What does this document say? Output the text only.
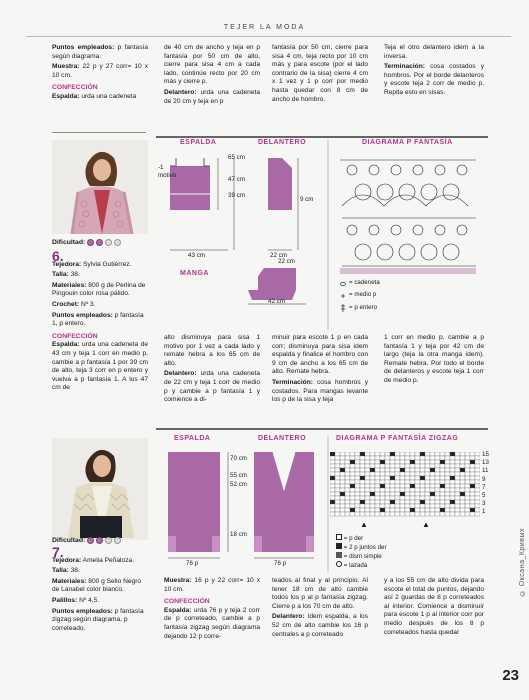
TEJER LA MODA
Puntos empleados: p fantasía según diagrama.
Muestra: 22 p y 27 corr= 10 x 10 cm.
CONFECCIÓN
Espalda: urda una cadeneta
de 40 cm de ancho y teja en p fantasía por 50 cm de alto, cierre para sisa 4 cm a cada lado, continúe recto por 20 cm más y cierre p.
Delantero: urda una cadeneta de 20 cm y teja en p
fantasía por 50 cm, cierre para sisa 4 cm, teja recto por 10 cm más y para escote (por el lado contrario de la sisa) cierre 4 cm x 1 vez y 1 p corr por medio hasta quedar con 8 cm de ancho de hombro.
Teja el otro delantero idem a la inversa.
Terminación: cosa costados y hombros. Por el borde delanteros y escote teja 2 corr de medio p. Repita esto en sisas.
Dificultad:
6.
Tejedora: Sylvia Gutiérrez.
Talla: 38.
Materiales: 800 g de Perlina de Pingouin color rosa pálido.
Crochet: Nº 3.
Puntos empleados: p fantasía 1, p entero.
CONFECCIÓN
Espalda: urda una cadeneta de 43 cm y teja 1 corr en medio p, cambie a p fantasía 1 por 39 cm de alto, teja 3 corr en p entero y vuelva a p fantasía 1. A los 47 cm de
ESPALDA	DELANTERO
MANGA
DIAGRAMA P FANTASÍA
-1 motivo
65 cm
47 cm
39 cm
43 cm	22 cm
9 cm
22 cm
42 cm
= cadeneta
= medio p
= p entero
alto disminuya para sisa 1 motivo por 1 vez a cada lado y remate hebra a los 65 cm de alto.
Delantero: urda una cadeneta de 22 cm y teja 1 corr de medio p y cambie a p fantasía 1 y comience a di-
minuir para escote 1 p en cada corr; disminuya para sisa idem espalda y finalice el hombro con 9 cm de ancho a los 65 cm de alto. Remate hebra.
Terminación: cosa hombros y costados. Para mangas levante los p de la sisa y teja
1 corr en medio p, cambie a p fantasía 1 y teja por 42 cm de largo (teja la otra manga idem). Remate hebra. Por todo el borde de delanteros y escote teja 1 corr de medio p.
Dificultad:
7.
Tejedora: Amelia Peñaloza.
Talla: 38.
Materiales: 800 g Sello Negro de Lanabel color blanco.
Palillos: Nº 4,5.
Puntos empleados: p fantasía zigzag según diagrama, p correteado.
ESPALDA	DELANTERO	DIAGRAMA P FANTASÍA ZIGZAG
70 cm
55 cm
52 cm
18 cm
76 p	76 p
15
13
11
9
7
5
3
1
▲	▲
= p der
= 2 p juntos der
= dism simple
= lazada
Muestra: 16 p y 22 corr= 10 x 10 cm.
CONFECCIÓN
Espalda: urda 76 p y teja 2 corr de p correteado, cambie a p fantasía zigzag según diagrama dejando 12 p corre-
teados al final y al principio. Al tener 18 cm de alto cambie todos los p al p fantasía zigzag. Cierre p a los 70 cm de alto.
Delantero: ídem espalda, a los 52 cm de alto cambie los 16 p centrales a p correteado
y a los 55 cm de alto divida para escote el total de puntos, dejando así 2 guardas de 8 p correteados al interior. Comience a disminuir para escote 1 p al interior corr por medio después de los 8 p correteados hasta quedar
23
© Оксана_Кривых
